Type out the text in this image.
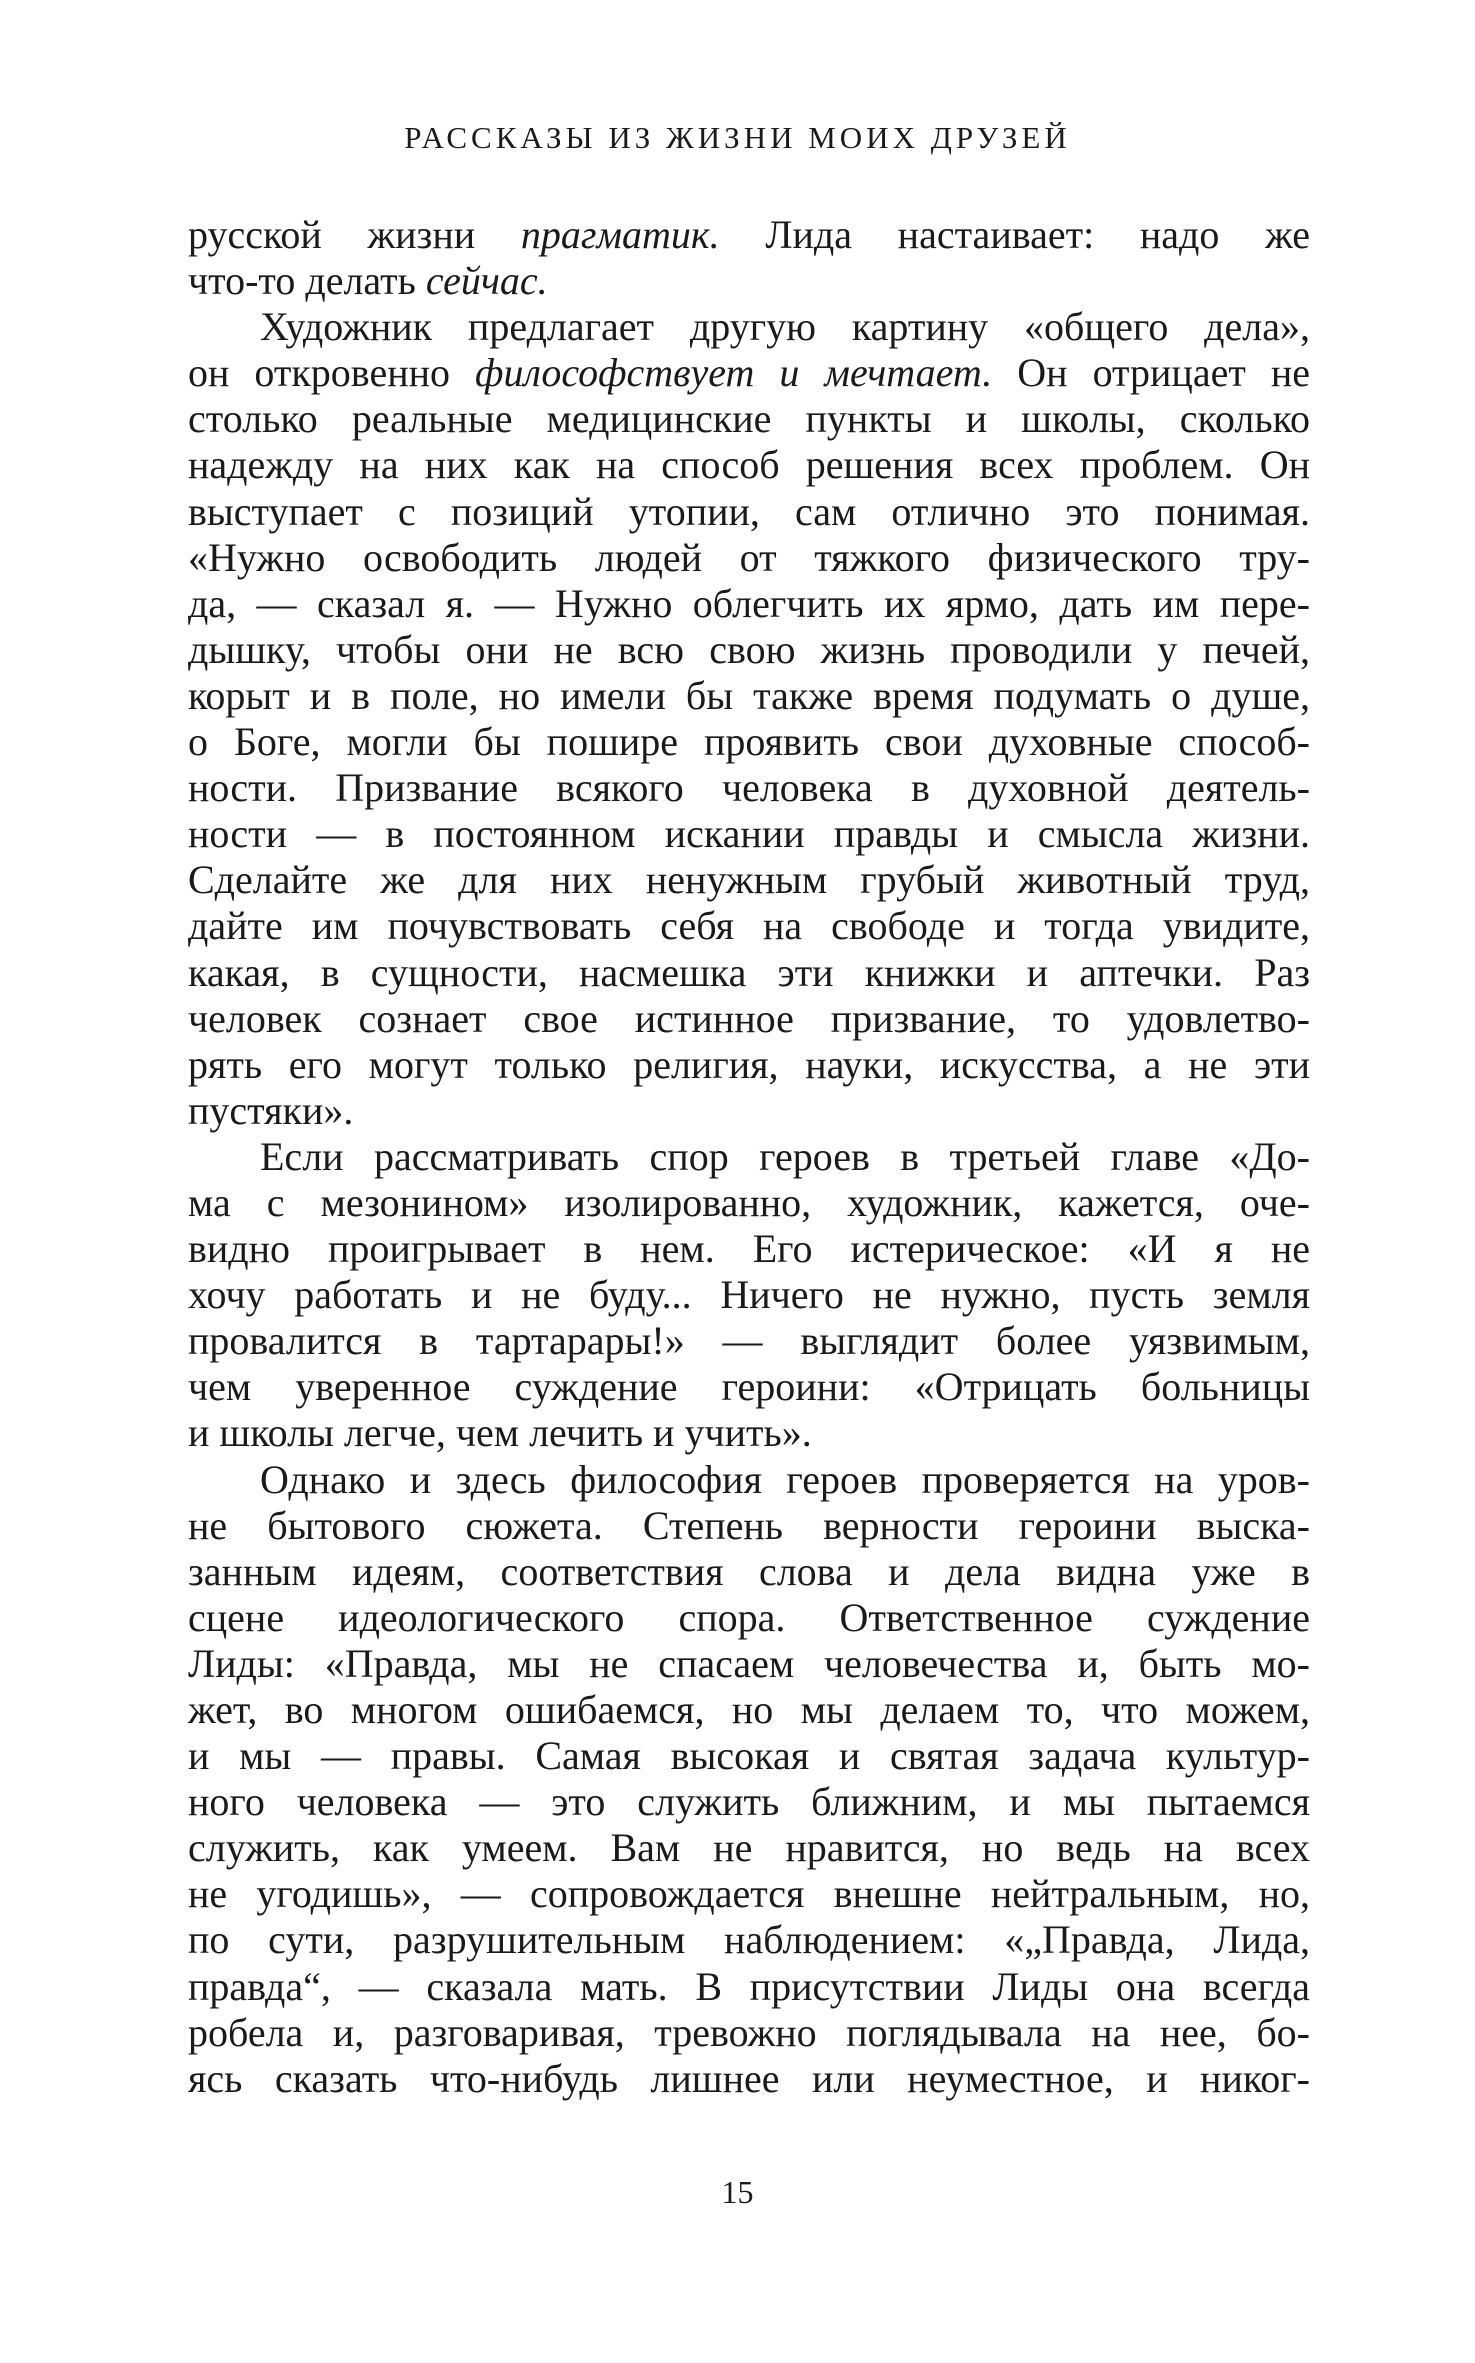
РАССКАЗЫ ИЗ ЖИЗНИ МОИХ ДРУЗЕЙ
русской жизни прагматик. Лида настаивает: надо же
что-то делать сейчас.
Художник предлагает другую картину «общего дела»,
он откровенно философствует и мечтает. Он отрицает не
столько реальные медицинские пункты и школы, сколько
надежду на них как на способ решения всех проблем. Он
выступает с позиций утопии, сам отлично это понимая.
«Нужно освободить людей от тяжкого физического тру-
да, — сказал я. — Нужно облегчить их ярмо, дать им пере-
дышку, чтобы они не всю свою жизнь проводили у печей,
корыт и в поле, но имели бы также время подумать о душе,
о Боге, могли бы пошире проявить свои духовные способ-
ности. Призвание всякого человека в духовной деятель-
ности — в постоянном искании правды и смысла жизни.
Сделайте же для них ненужным грубый животный труд,
дайте им почувствовать себя на свободе и тогда увидите,
какая, в сущности, насмешка эти книжки и аптечки. Раз
человек сознает свое истинное призвание, то удовлетво-
рять его могут только религия, науки, искусства, а не эти
пустяки».
Если рассматривать спор героев в третьей главе «До-
ма с мезонином» изолированно, художник, кажется, оче-
видно проигрывает в нем. Его истерическое: «И я не
хочу работать и не буду... Ничего не нужно, пусть земля
провалится в тартарары!» — выглядит более уязвимым,
чем уверенное суждение героини: «Отрицать больницы
и школы легче, чем лечить и учить».
Однако и здесь философия героев проверяется на уров-
не бытового сюжета. Степень верности героини выска-
занным идеям, соответствия слова и дела видна уже в
сцене идеологического спора. Ответственное суждение
Лиды: «Правда, мы не спасаем человечества и, быть мо-
жет, во многом ошибаемся, но мы делаем то, что можем,
и мы — правы. Самая высокая и святая задача культур-
ного человека — это служить ближним, и мы пытаемся
служить, как умеем. Вам не нравится, но ведь на всех
не угодишь», — сопровождается внешне нейтральным, но,
по сути, разрушительным наблюдением: «„Правда, Лида,
правда“, — сказала мать. В присутствии Лиды она всегда
робела и, разговаривая, тревожно поглядывала на нее, бо-
ясь сказать что-нибудь лишнее или неуместное, и никог-
15
